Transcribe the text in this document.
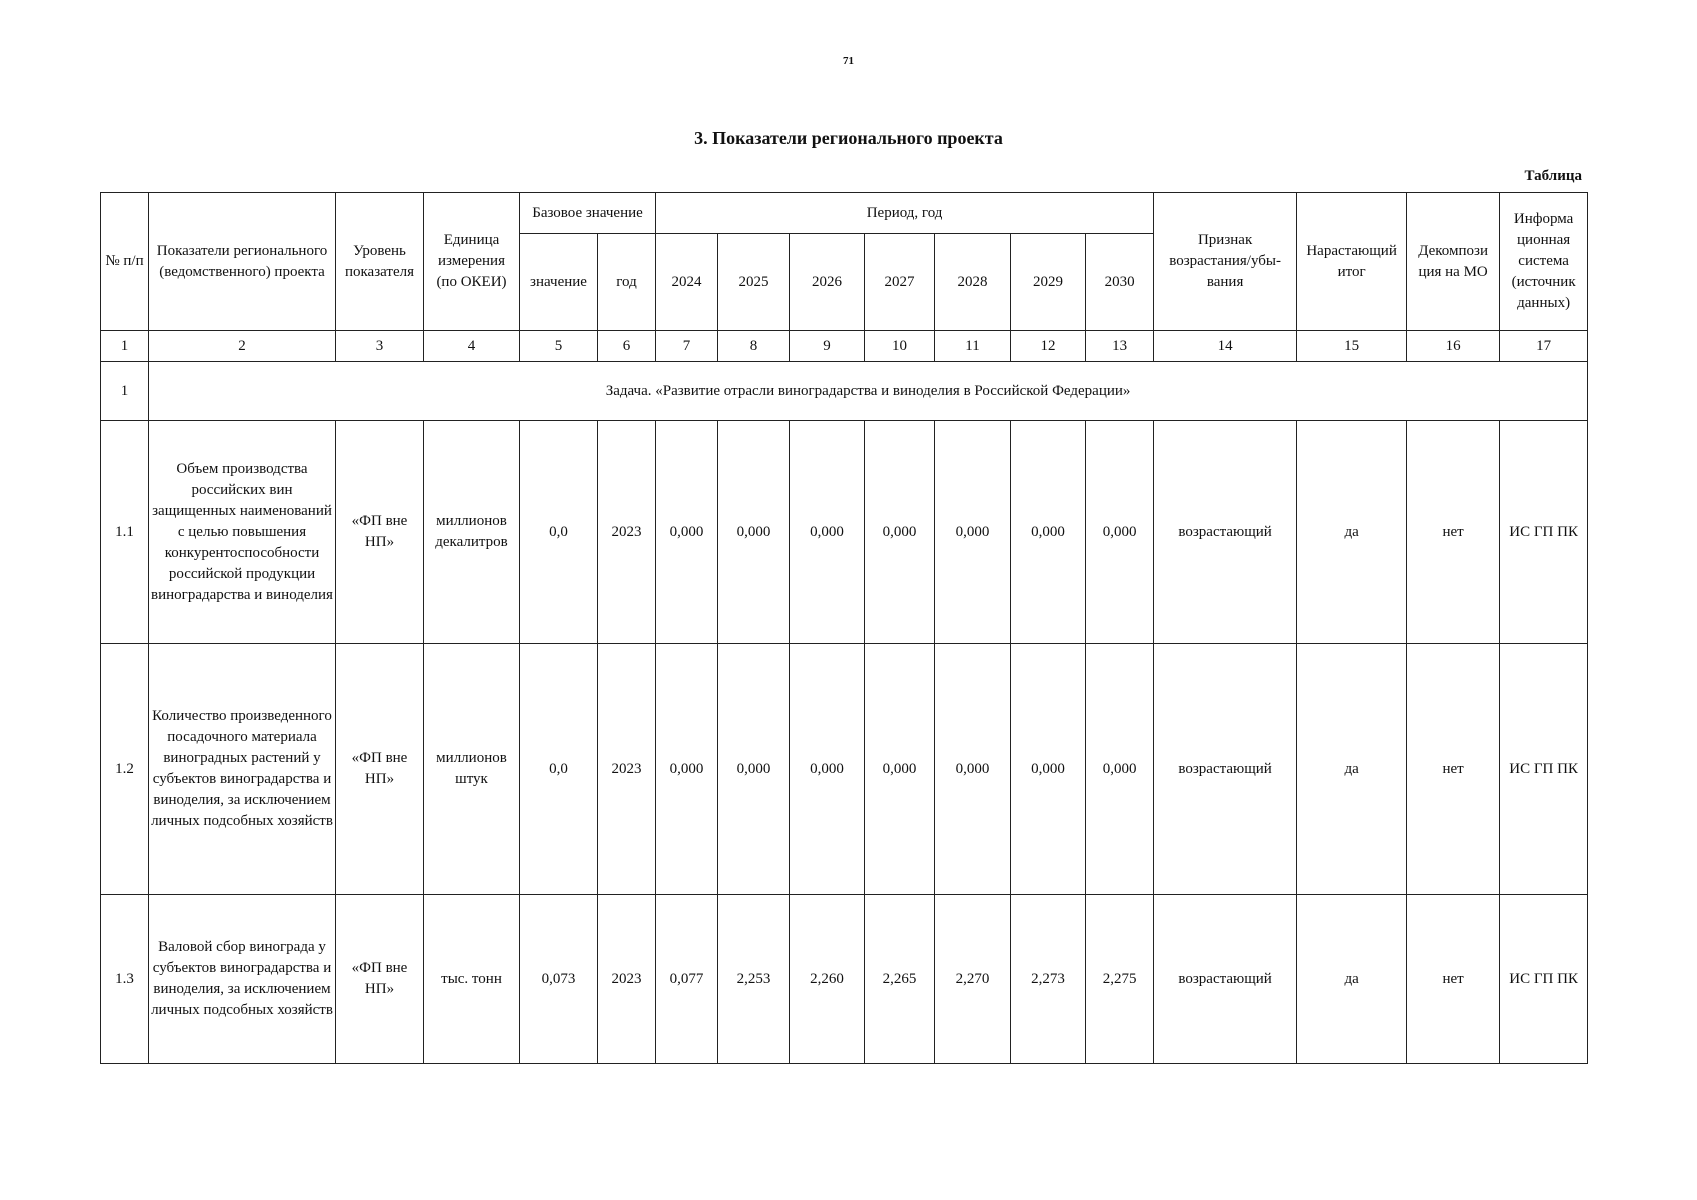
71
3. Показатели регионального проекта
Таблица
№ п/п	Показатели регионального (ведомственного) проекта	Уровень показателя	Единица измерения (по ОКЕИ)	Базовое значение		Период, год							Признак возрастания/убы-вания	Нарастающий итог	Декомпози ция на МО	Информа ционная система (источник данных)
				значение	год	2024	2025	2026	2027	2028	2029	2030				
1	2	3	4	5	6	7	8	9	10	11	12	13	14	15	16	17
1	Задача. «Развитие отрасли виноградарства и виноделия в Российской Федерации»															
1.1	Объем производства российских вин защищенных наименований с целью повышения конкурентоспособности российской продукции виноградарства и виноделия	«ФП вне НП»	миллионов декалитров	0,0	2023	0,000	0,000	0,000	0,000	0,000	0,000	0,000	возрастающий	да	нет	ИС ГП ПК
1.2	Количество произведенного посадочного материала виноградных растений у субъектов виноградарства и виноделия, за исключением личных подсобных хозяйств	«ФП вне НП»	миллионов штук	0,0	2023	0,000	0,000	0,000	0,000	0,000	0,000	0,000	возрастающий	да	нет	ИС ГП ПК
1.3	Валовой сбор винограда у субъектов виноградарства и виноделия, за исключением личных подсобных хозяйств	«ФП вне НП»	тыс. тонн	0,073	2023	0,077	2,253	2,260	2,265	2,270	2,273	2,275	возрастающий	да	нет	ИС ГП ПК
